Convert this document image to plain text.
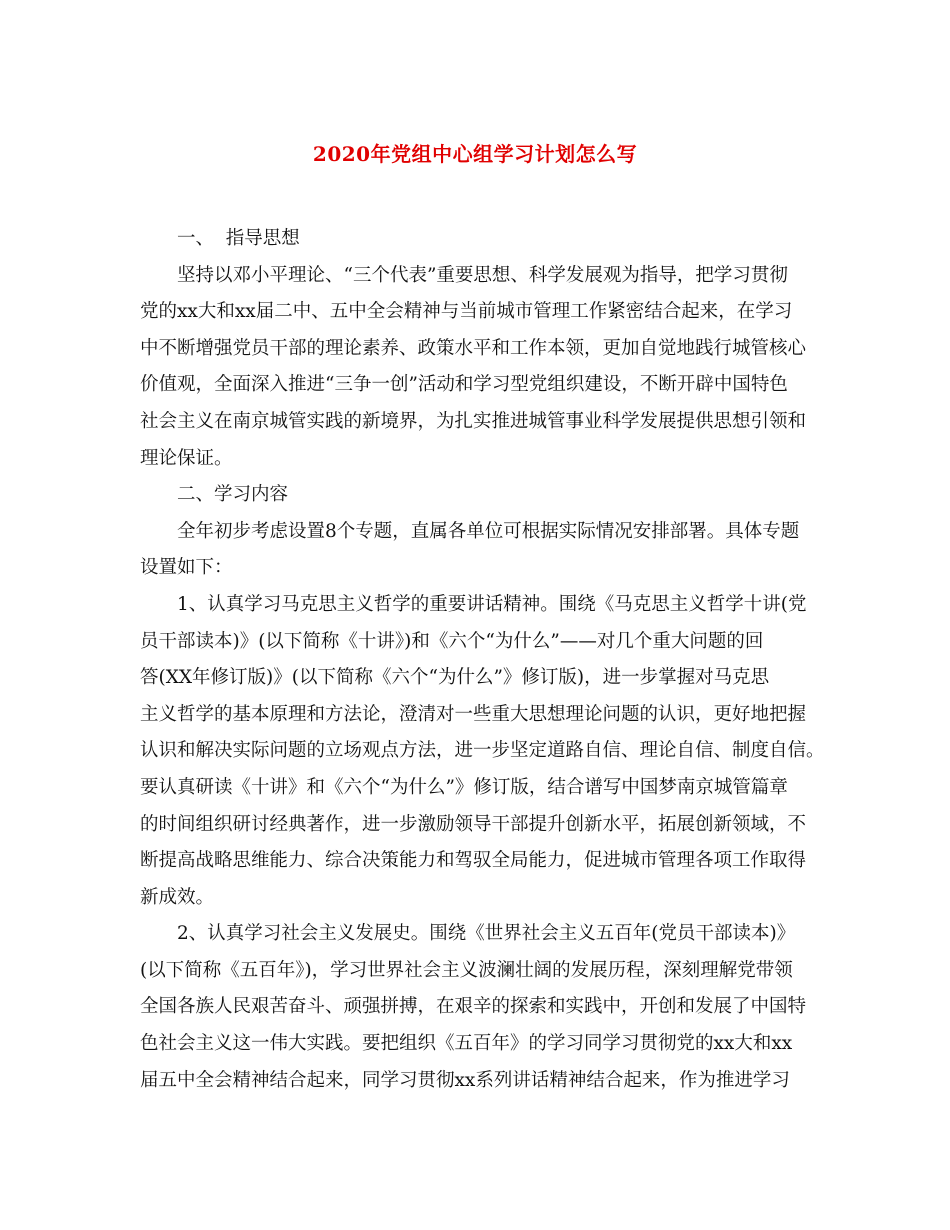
2020年党组中心组学习计划怎么写
一、  指导思想
坚持以邓小平理论、“三个代表”重要思想、科学发展观为指导，把学习贯彻
党的xx大和xx届二中、五中全会精神与当前城市管理工作紧密结合起来，在学习
中不断增强党员干部的理论素养、政策水平和工作本领，更加自觉地践行城管核心
价值观，全面深入推进“三争一创”活动和学习型党组织建设，不断开辟中国特色
社会主义在南京城管实践的新境界，为扎实推进城管事业科学发展提供思想引领和
理论保证。
二、学习内容
全年初步考虑设置8个专题，直属各单位可根据实际情况安排部署。具体专题
设置如下：
1、认真学习马克思主义哲学的重要讲话精神。围绕《马克思主义哲学十讲(党
员干部读本)》(以下简称《十讲》)和《六个“为什么”——对几个重大问题的回
答(XX年修订版)》(以下简称《六个“为什么”》修订版)，进一步掌握对马克思
主义哲学的基本原理和方法论，澄清对一些重大思想理论问题的认识，更好地把握
认识和解决实际问题的立场观点方法，进一步坚定道路自信、理论自信、制度自信。
要认真研读《十讲》和《六个“为什么”》修订版，结合谱写中国梦南京城管篇章
的时间组织研讨经典著作，进一步激励领导干部提升创新水平，拓展创新领域，不
断提高战略思维能力、综合决策能力和驾驭全局能力，促进城市管理各项工作取得
新成效。
2、认真学习社会主义发展史。围绕《世界社会主义五百年(党员干部读本)》
(以下简称《五百年》)，学习世界社会主义波澜壮阔的发展历程，深刻理解党带领
全国各族人民艰苦奋斗、顽强拼搏，在艰辛的探索和实践中，开创和发展了中国特
色社会主义这一伟大实践。要把组织《五百年》的学习同学习贯彻党的xx大和xx
届五中全会精神结合起来，同学习贯彻xx系列讲话精神结合起来，作为推进学习
